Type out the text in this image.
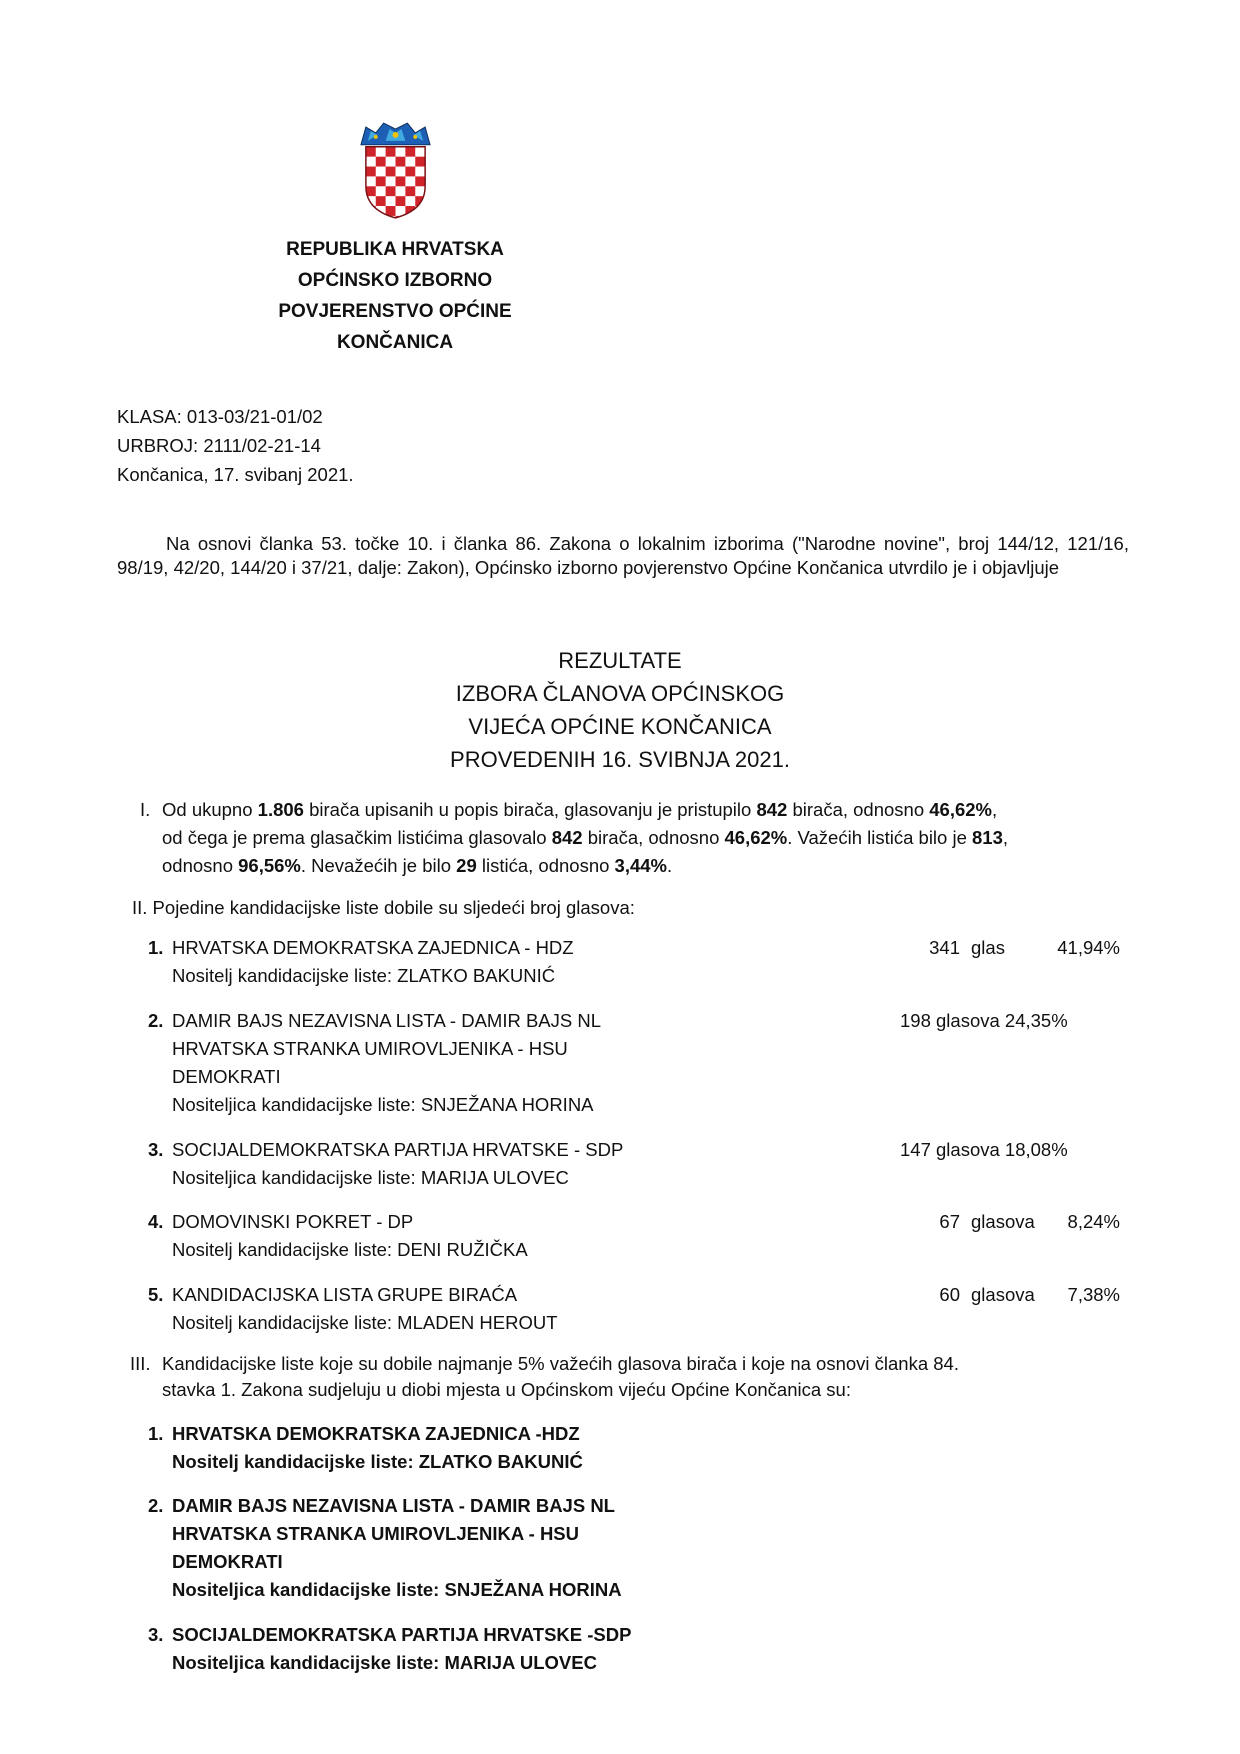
REPUBLIKA HRVATSKA
OPĆINSKO IZBORNO
POVJERENSTVO OPĆINE
KONČANICA
KLASA: 013-03/21-01/02
URBROJ: 2111/02-21-14
Končanica, 17. svibanj 2021.
Na osnovi članka 53. točke 10. i članka 86. Zakona o lokalnim izborima ("Narodne novine", broj 144/12, 121/16, 98/19, 42/20, 144/20 i 37/21, dalje: Zakon), Općinsko izborno povjerenstvo Općine Končanica utvrdilo je i objavljuje
REZULTATE
IZBORA ČLANOVA OPĆINSKOG
VIJEĆA OPĆINE KONČANICA
PROVEDENIH 16. SVIBNJA 2021.
I. Od ukupno 1.806 birača upisanih u popis birača, glasovanju je pristupilo 842 birača, odnosno 46,62%,
od čega je prema glasačkim listićima glasovalo 842 birača, odnosno 46,62%. Važećih listića bilo je 813,
odnosno 96,56%. Nevažećih je bilo 29 listića, odnosno 3,44%.
II. Pojedine kandidacijske liste dobile su sljedeći broj glasova:
1. HRVATSKA DEMOKRATSKA ZAJEDNICA - HDZ
Nositelj kandidacijske liste: ZLATKO BAKUNIĆ
341 glas	41,94%
2. DAMIR BAJS NEZAVISNA LISTA - DAMIR BAJS NL
HRVATSKA STRANKA UMIROVLJENIKA - HSU
DEMOKRATI
Nositeljica kandidacijske liste: SNJEŽANA HORINA
198 glasova 24,35%
3. SOCIJALDEMOKRATSKA PARTIJA HRVATSKE - SDP
Nositeljica kandidacijske liste: MARIJA ULOVEC
147 glasova 18,08%
4. DOMOVINSKI POKRET - DP
Nositelj kandidacijske liste: DENI RUŽIČKA
67 glasova	8,24%
5. KANDIDACIJSKA LISTA GRUPE BIRAĆA
Nositelj kandidacijske liste: MLADEN HEROUT
60 glasova	7,38%
III. Kandidacijske liste koje su dobile najmanje 5% važećih glasova birača i koje na osnovi članka 84.
stavka 1. Zakona sudjeluju u diobi mjesta u Općinskom vijeću Općine Končanica su:
1. HRVATSKA DEMOKRATSKA ZAJEDNICA -HDZ
Nositelj kandidacijske liste: ZLATKO BAKUNIĆ
2. DAMIR BAJS NEZAVISNA LISTA - DAMIR BAJS NL
HRVATSKA STRANKA UMIROVLJENIKA - HSU
DEMOKRATI
Nositeljica kandidacijske liste: SNJEŽANA HORINA
3. SOCIJALDEMOKRATSKA PARTIJA HRVATSKE -SDP
Nositeljica kandidacijske liste: MARIJA ULOVEC
